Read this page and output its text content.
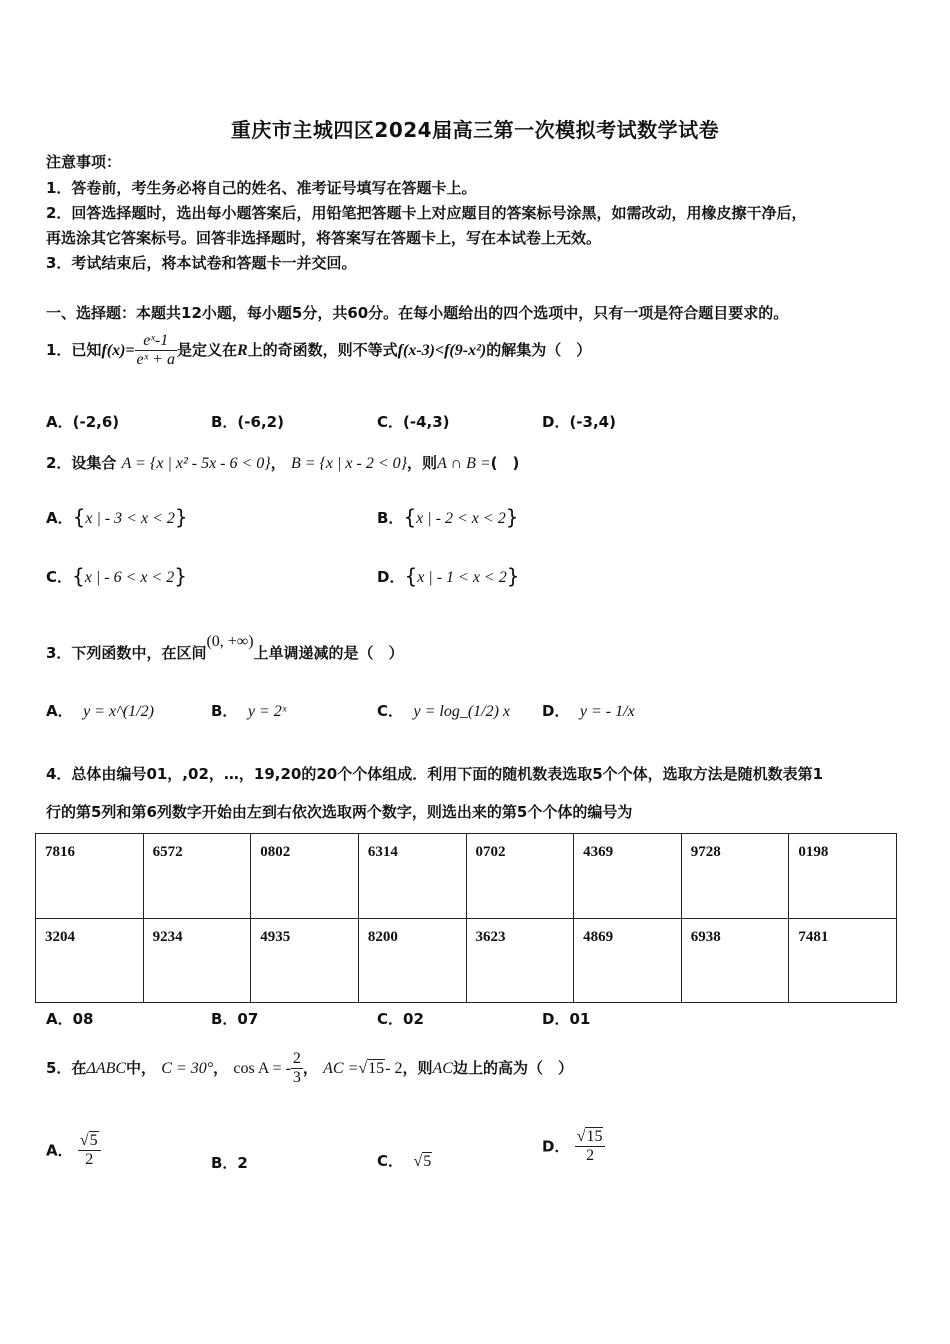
重庆市主城四区2024届高三第一次模拟考试数学试卷
注意事项：
1．答卷前，考生务必将自己的姓名、准考证号填写在答题卡上。
2．回答选择题时，选出每小题答案后，用铅笔把答题卡上对应题目的答案标号涂黑，如需改动，用橡皮擦干净后，
再选涂其它答案标号。回答非选择题时，将答案写在答题卡上，写在本试卷上无效。
3．考试结束后，将本试卷和答题卡一并交回。
一、选择题：本题共12小题，每小题5分，共60分。在每小题给出的四个选项中，只有一项是符合题目要求的。
1．已知$f(x)= \frac{\text{eˣ-1}}{\text{eˣ + a}}$ 是定义在R上的奇函数，则不等式f(x-3)<f(9-x²)的解集为（　）
A．(-2,6)	B．(-6,2)	C．(-4,3)	D．(-3,4)
2．设集合 A = {x | x² - 5x - 6 < 0}， B = {x | x - 2 < 0}，则A ∩ B =(　)
A．{x | - 3 < x < 2}	B．{x | - 2 < x < 2}
C．{x | - 6 < x < 2}	D．{x | - 1 < x < 2}
3．下列函数中，在区间(0, +∞)上单调递减的是（　）
A． y = x^(1/2)	B． y = 2ˣ	C． y = log_(1/2) x D． y = - 1/x
4．总体由编号01，,02，…，19,20的20个个体组成．利用下面的随机数表选取5个个体，选取方法是随机数表第1
行的第5列和第6列数字开始由左到右依次选取两个数字，则选出来的第5个个体的编号为
7816	6572	0802	6314	0702	4369	9728	0198
3204	9234	4935	8200	3623	4869	6938	7481
A．08	B．07	C．02	D．01
5．在ΔABC中， C = 30°， cos A = - $\frac{2}{3}$ ， AC =√15- 2，则AC边上的高为（　）
A． $\frac{√5}{2}$	B．2	C． √5
D． $\frac{√15}{2}$
